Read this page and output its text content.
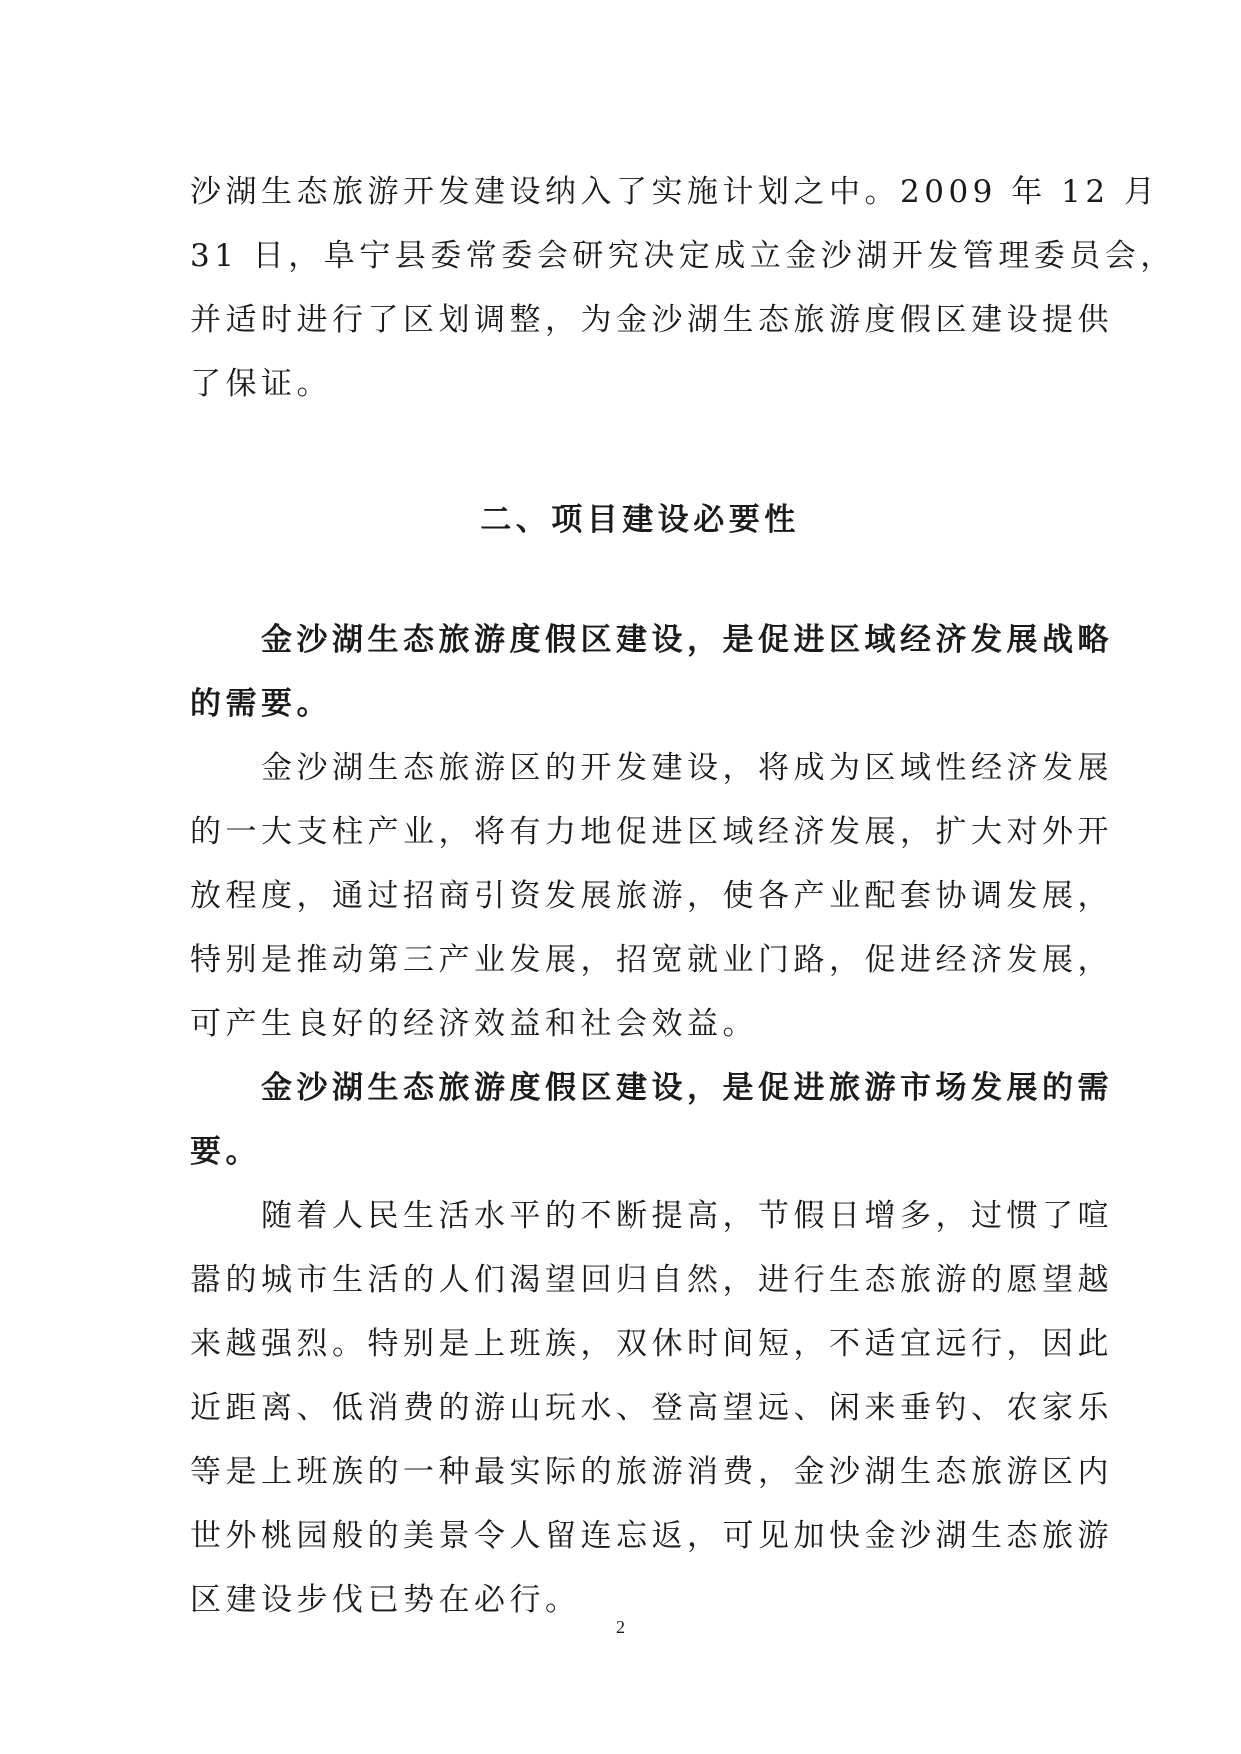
沙湖生态旅游开发建设纳入了实施计划之中。2009 年 12 月
31 日，阜宁县委常委会研究决定成立金沙湖开发管理委员会，
并适时进行了区划调整，为金沙湖生态旅游度假区建设提供
了保证。
二、项目建设必要性
　　金沙湖生态旅游度假区建设，是促进区域经济发展战略
的需要。
　　金沙湖生态旅游区的开发建设，将成为区域性经济发展
的一大支柱产业，将有力地促进区域经济发展，扩大对外开
放程度，通过招商引资发展旅游，使各产业配套协调发展，
特别是推动第三产业发展，招宽就业门路，促进经济发展，
可产生良好的经济效益和社会效益。
　　金沙湖生态旅游度假区建设，是促进旅游市场发展的需
要。
　　随着人民生活水平的不断提高，节假日增多，过惯了喧
嚣的城市生活的人们渴望回归自然，进行生态旅游的愿望越
来越强烈。特别是上班族，双休时间短，不适宜远行，因此
近距离、低消费的游山玩水、登高望远、闲来垂钓、农家乐
等是上班族的一种最实际的旅游消费，金沙湖生态旅游区内
世外桃园般的美景令人留连忘返，可见加快金沙湖生态旅游
区建设步伐已势在必行。
2
